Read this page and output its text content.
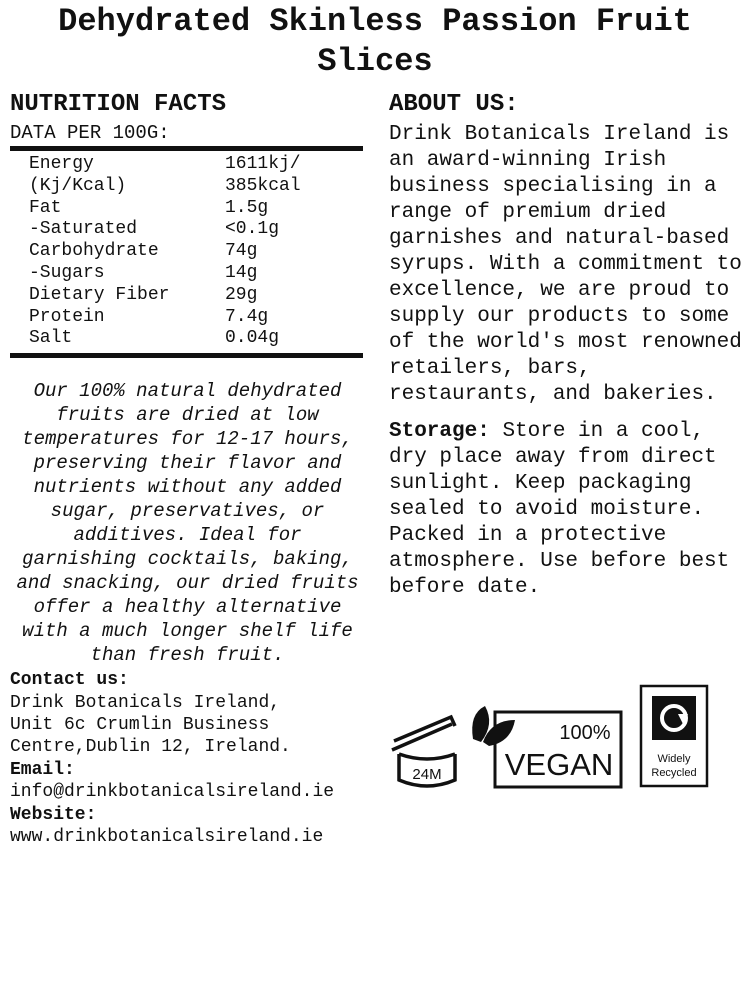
Dehydrated Skinless Passion Fruit Slices
NUTRITION FACTS
DATA PER 100G:
Energy	1611kj/
(Kj/Kcal)	385kcal
Fat	1.5g
-Saturated	<0.1g
Carbohydrate	74g
-Sugars	14g
Dietary Fiber	29g
Protein	7.4g
Salt	0.04g
Our 100% natural dehydrated fruits are dried at low temperatures for 12-17 hours, preserving their flavor and nutrients without any added sugar, preservatives, or additives. Ideal for garnishing cocktails, baking, and snacking, our dried fruits offer a healthy alternative with a much longer shelf life than fresh fruit.
Contact us:
Drink Botanicals Ireland,
Unit 6c Crumlin Business
Centre,Dublin 12, Ireland.
Email:
info@drinkbotanicalsireland.ie
Website:
www.drinkbotanicalsireland.ie
ABOUT US:
Drink Botanicals Ireland is an award-winning Irish business specialising in a range of premium dried garnishes and natural-based syrups. With a commitment to excellence, we are proud to supply our products to some of the world's most renowned retailers, bars, restaurants, and bakeries.
Storage: Store in a cool, dry place away from direct sunlight. Keep packaging sealed to avoid moisture. Packed in a protective atmosphere. Use before best before date.
24M
100%
VEGAN	Widely
Recycled
